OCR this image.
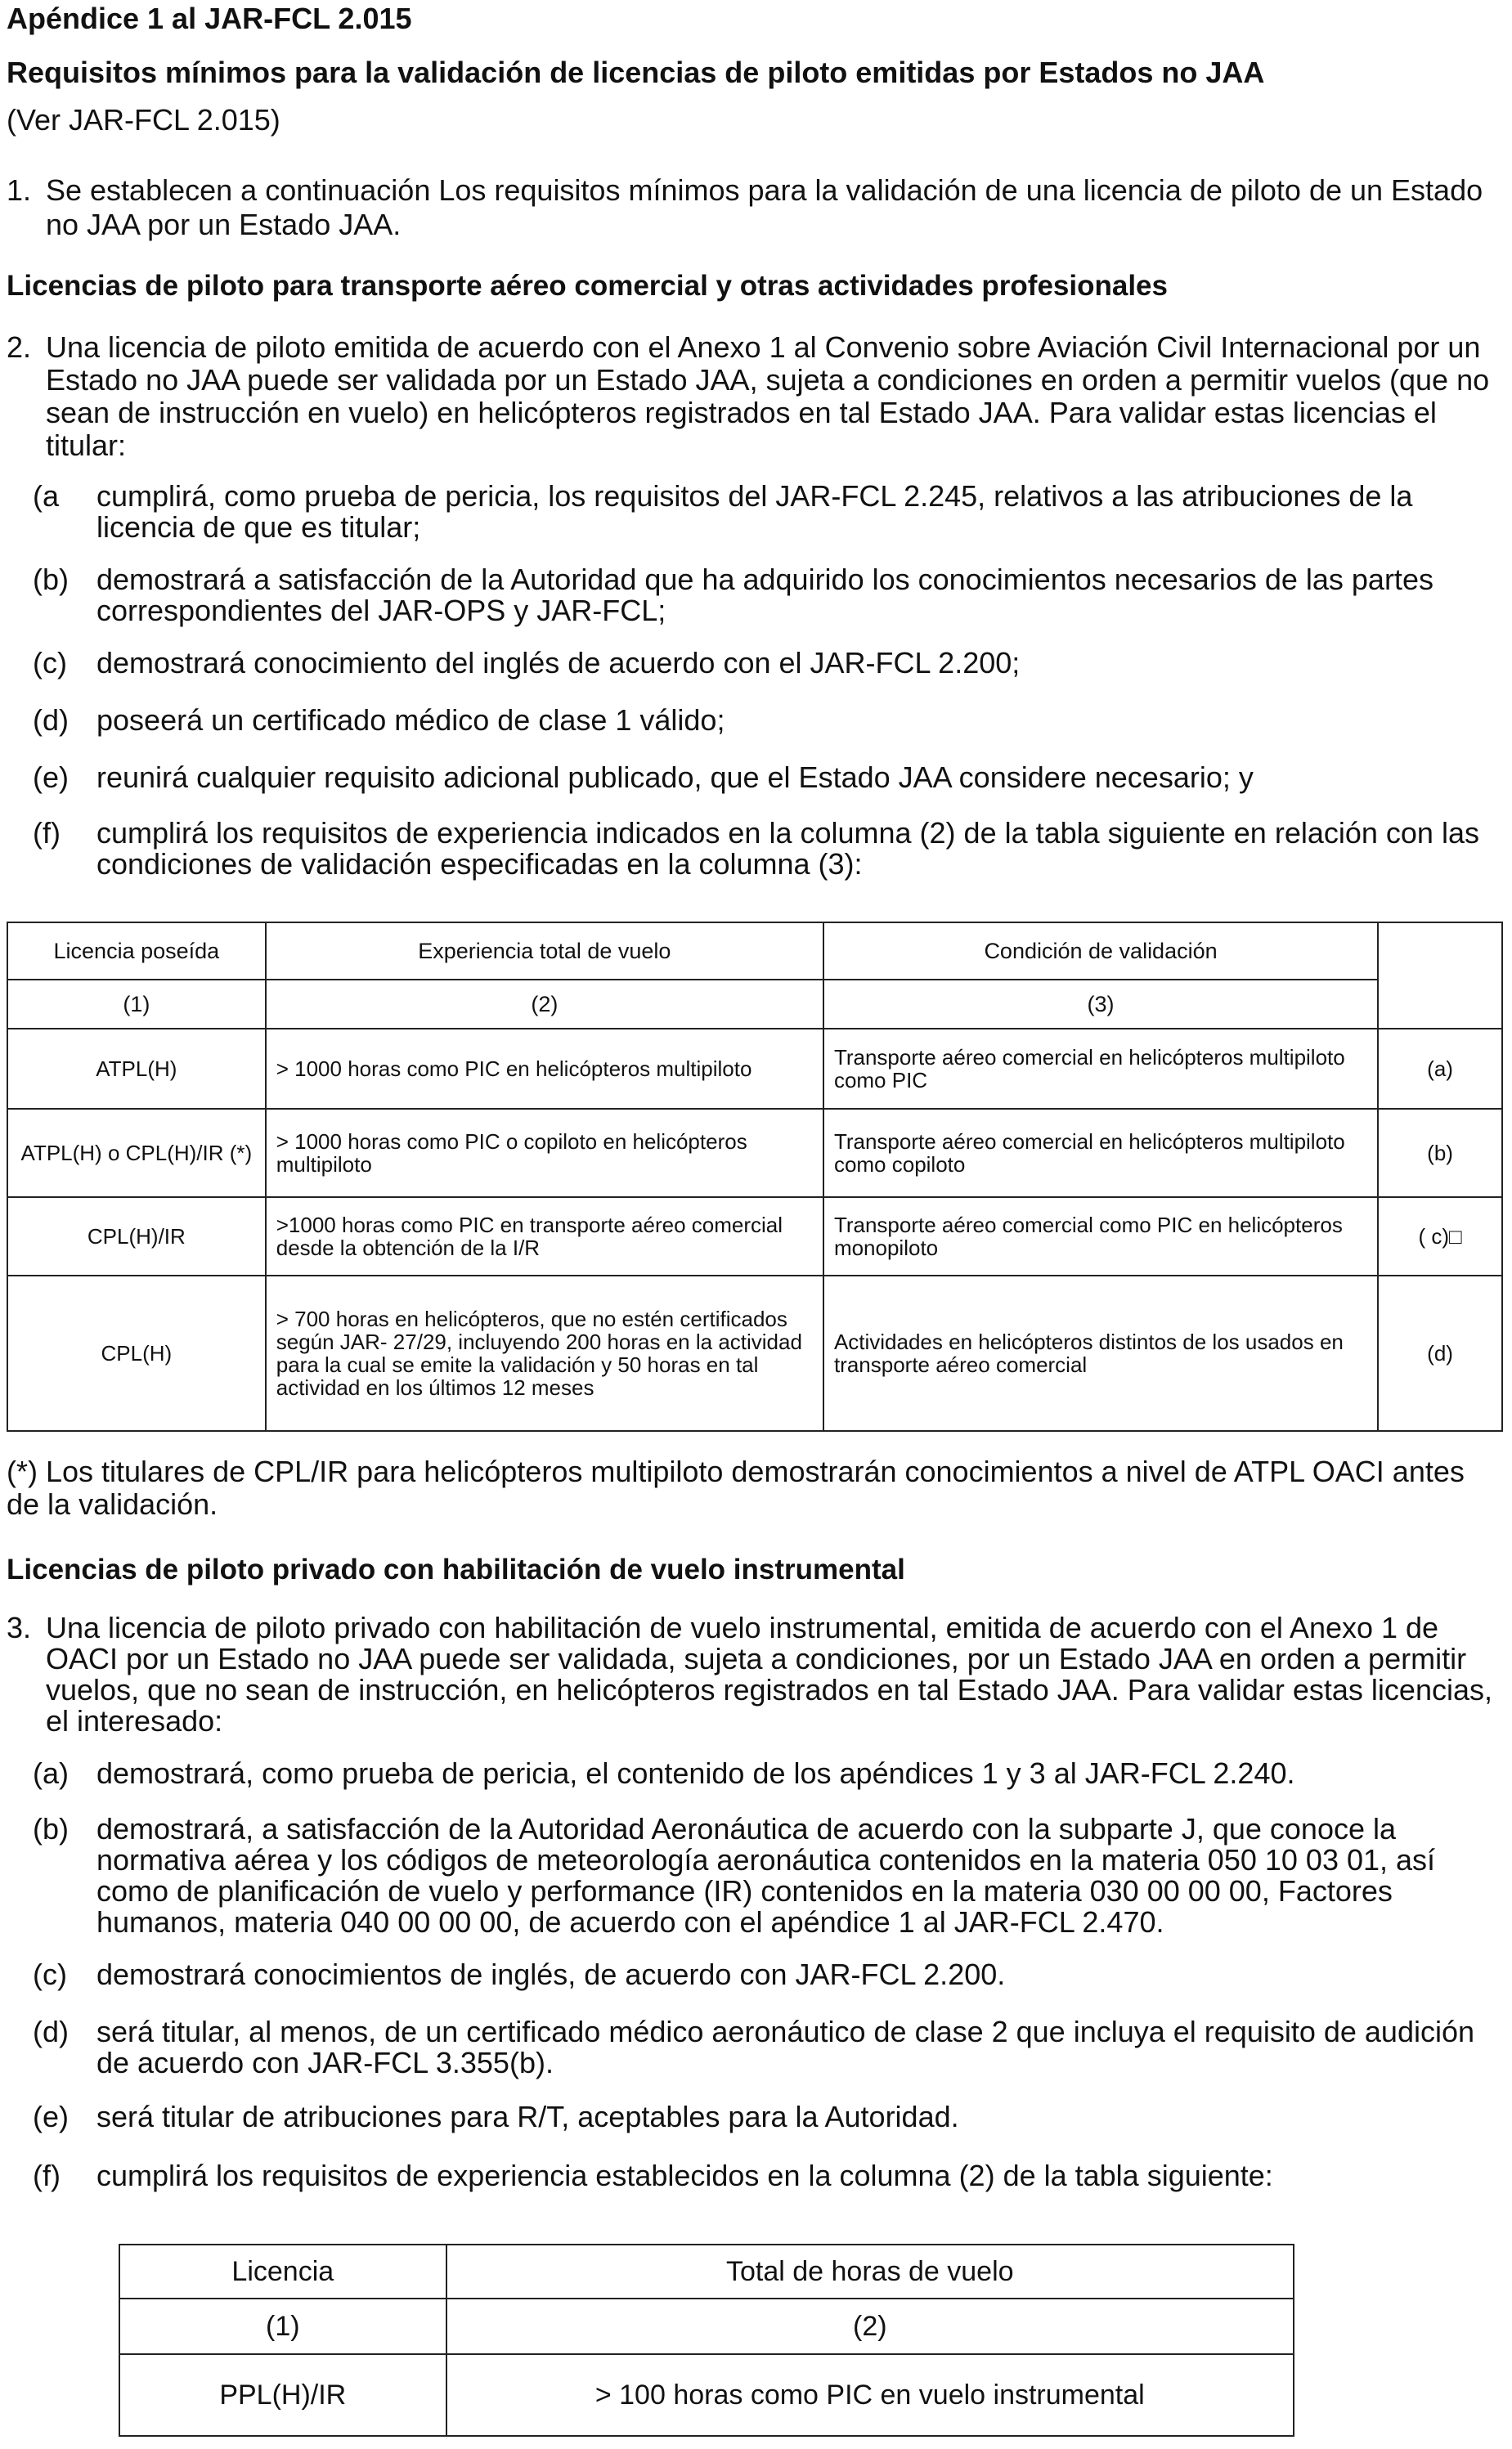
Apéndice 1 al JAR-FCL 2.015
Requisitos mínimos para la validación de licencias de piloto emitidas por Estados no JAA
(Ver JAR-FCL 2.015)
1. Se establecen a continuación Los requisitos mínimos para la validación de una licencia de piloto de un Estado no JAA por un Estado JAA.
Licencias de piloto para transporte aéreo comercial y otras actividades profesionales
2. Una licencia de piloto emitida de acuerdo con el Anexo 1 al Convenio sobre Aviación Civil Internacional por un Estado no JAA puede ser validada por un Estado JAA, sujeta a condiciones en orden a permitir vuelos (que no sean de instrucción en vuelo) en helicópteros registrados en tal Estado JAA. Para validar estas licencias el titular:
(a cumplirá, como prueba de pericia, los requisitos del JAR-FCL 2.245, relativos a las atribuciones de la licencia de que es titular;
(b) demostrará a satisfacción de la Autoridad que ha adquirido los conocimientos necesarios de las partes correspondientes del JAR-OPS y JAR-FCL;
(c) demostrará conocimiento del inglés de acuerdo con el JAR-FCL 2.200;
(d) poseerá un certificado médico de clase 1 válido;
(e) reunirá cualquier requisito adicional publicado, que el Estado JAA considere necesario; y
(f) cumplirá los requisitos de experiencia indicados en la columna (2) de la tabla siguiente en relación con las condiciones de validación especificadas en la columna (3):
Licencia poseída	Experiencia total de vuelo	Condición de validación	
(1)	(2)	(3)	
ATPL(H)	> 1000 horas como PIC en helicópteros multipiloto	Transporte aéreo comercial en helicópteros multipiloto como PIC	(a)
ATPL(H) o CPL(H)/IR (*)	> 1000 horas como PIC o copiloto en helicópteros multipiloto	Transporte aéreo comercial en helicópteros multipiloto como copiloto	(b)
CPL(H)/IR	>1000 horas como PIC en transporte aéreo comercial desde la obtención de la I/R	Transporte aéreo comercial como PIC en helicópteros monopiloto	( c)□
CPL(H)	> 700 horas en helicópteros, que no estén certificados según JAR- 27/29, incluyendo 200 horas en la actividad para la cual se emite la validación y 50 horas en tal actividad en los últimos 12 meses	Actividades en helicópteros distintos de los usados en transporte aéreo comercial	(d)
(*) Los titulares de CPL/IR para helicópteros multipiloto demostrarán conocimientos a nivel de ATPL OACI antes de la validación.
Licencias de piloto privado con habilitación de vuelo instrumental
3. Una licencia de piloto privado con habilitación de vuelo instrumental, emitida de acuerdo con el Anexo 1 de OACI por un Estado no JAA puede ser validada, sujeta a condiciones, por un Estado JAA en orden a permitir vuelos, que no sean de instrucción, en helicópteros registrados en tal Estado JAA. Para validar estas licencias, el interesado:
(a) demostrará, como prueba de pericia, el contenido de los apéndices 1 y 3 al JAR-FCL 2.240.
(b) demostrará, a satisfacción de la Autoridad Aeronáutica de acuerdo con la subparte J, que conoce la normativa aérea y los códigos de meteorología aeronáutica contenidos en la materia 050 10 03 01, así como de planificación de vuelo y performance (IR) contenidos en la materia 030 00 00 00, Factores humanos, materia 040 00 00 00, de acuerdo con el apéndice 1 al JAR-FCL 2.470.
(c) demostrará conocimientos de inglés, de acuerdo con JAR-FCL 2.200.
(d) será titular, al menos, de un certificado médico aeronáutico de clase 2 que incluya el requisito de audición de acuerdo con JAR-FCL 3.355(b).
(e) será titular de atribuciones para R/T, aceptables para la Autoridad.
(f) cumplirá los requisitos de experiencia establecidos en la columna (2) de la tabla siguiente:
Licencia	Total de horas de vuelo
(1)	(2)
PPL(H)/IR	> 100 horas como PIC en vuelo instrumental
